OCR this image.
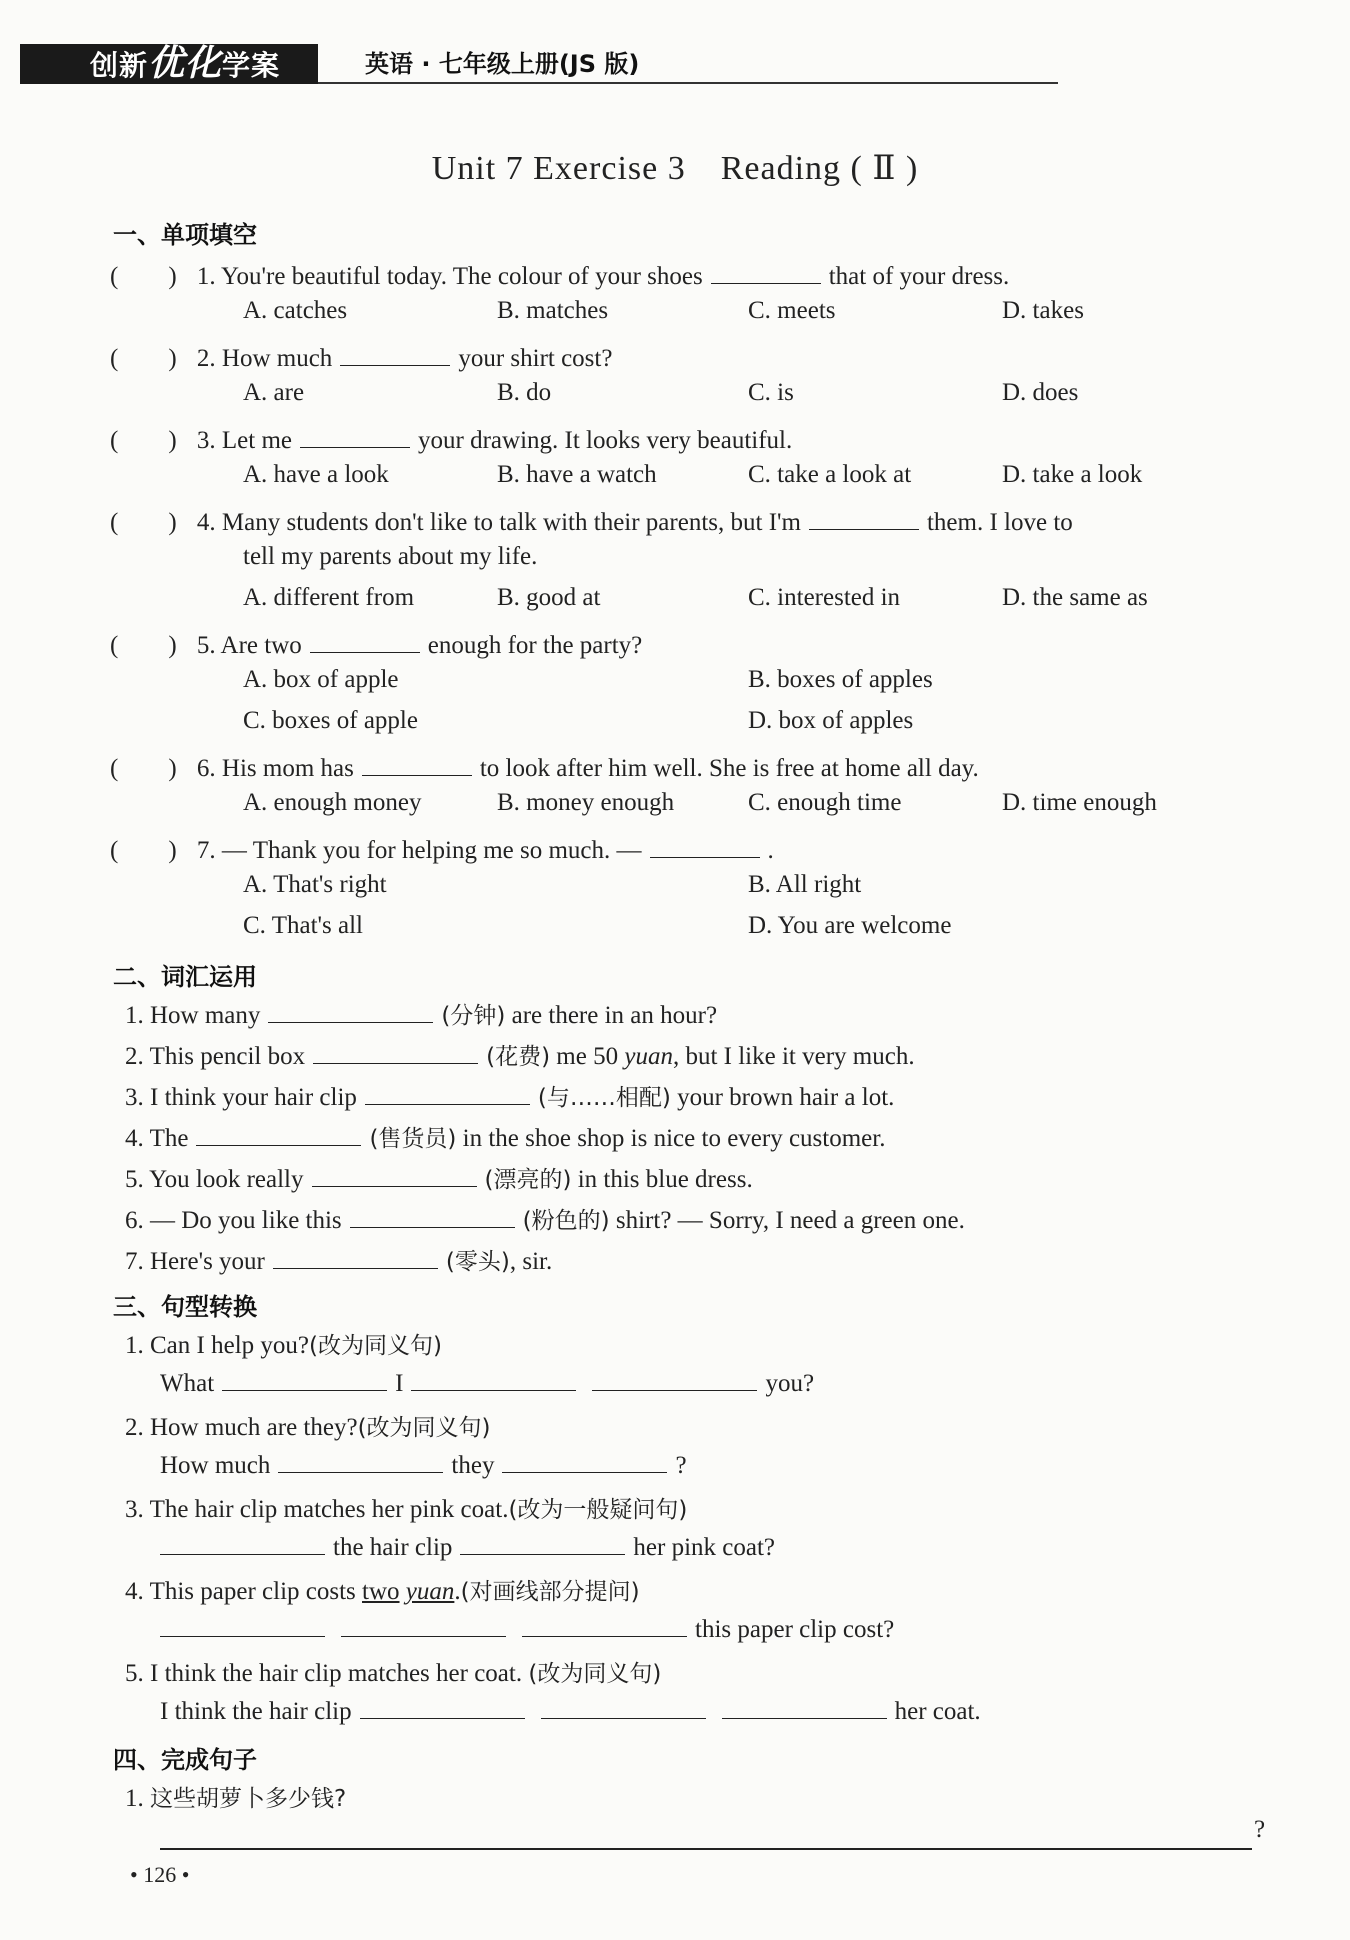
创新优化学案	英语 · 七年级上册(JS 版)
Unit 7 Exercise 3　Reading ( Ⅱ )
一、单项填空
(　　) 1. You're beautiful today. The colour of your shoes	that of your dress.
A. catches	B. matches	C. meets	D. takes
(　　) 2. How much	your shirt cost?
A. are	B. do	C. is	D. does
(　　) 3. Let me	your drawing. It looks very beautiful.
A. have a look	B. have a watch	C. take a look at	D. take a look
(　　) 4. Many students don't like to talk with their parents, but I'm	them. I love to
tell my parents about my life.
A. different from	B. good at	C. interested in	D. the same as
(　　) 5. Are two	enough for the party?
A. box of apple	B. boxes of apples
C. boxes of apple	D. box of apples
(　　) 6. His mom has	to look after him well. She is free at home all day.
A. enough money	B. money enough	C. enough time	D. time enough
(　　) 7. — Thank you for helping me so much. —	.
A. That's right	B. All right
C. That's all	D. You are welcome
二、词汇运用
1. How many	(分钟) are there in an hour?
2. This pencil box	(花费) me 50 yuan, but I like it very much.
3. I think your hair clip	(与……相配) your brown hair a lot.
4. The	(售货员) in the shoe shop is nice to every customer.
5. You look really	(漂亮的) in this blue dress.
6. — Do you like this	(粉色的) shirt? — Sorry, I need a green one.
7. Here's your	(零头), sir.
三、句型转换
1. Can I help you?(改为同义句)
What	I	you?
2. How much are they?(改为同义句)
How much	they	?
3. The hair clip matches her pink coat.(改为一般疑问句)
the hair clip	her pink coat?
4. This paper clip costs two yuan.(对画线部分提问)
this paper clip cost?
5. I think the hair clip matches her coat. (改为同义句)
I think the hair clip	her coat.
四、完成句子
1. 这些胡萝卜多少钱?
?
• 126 •
